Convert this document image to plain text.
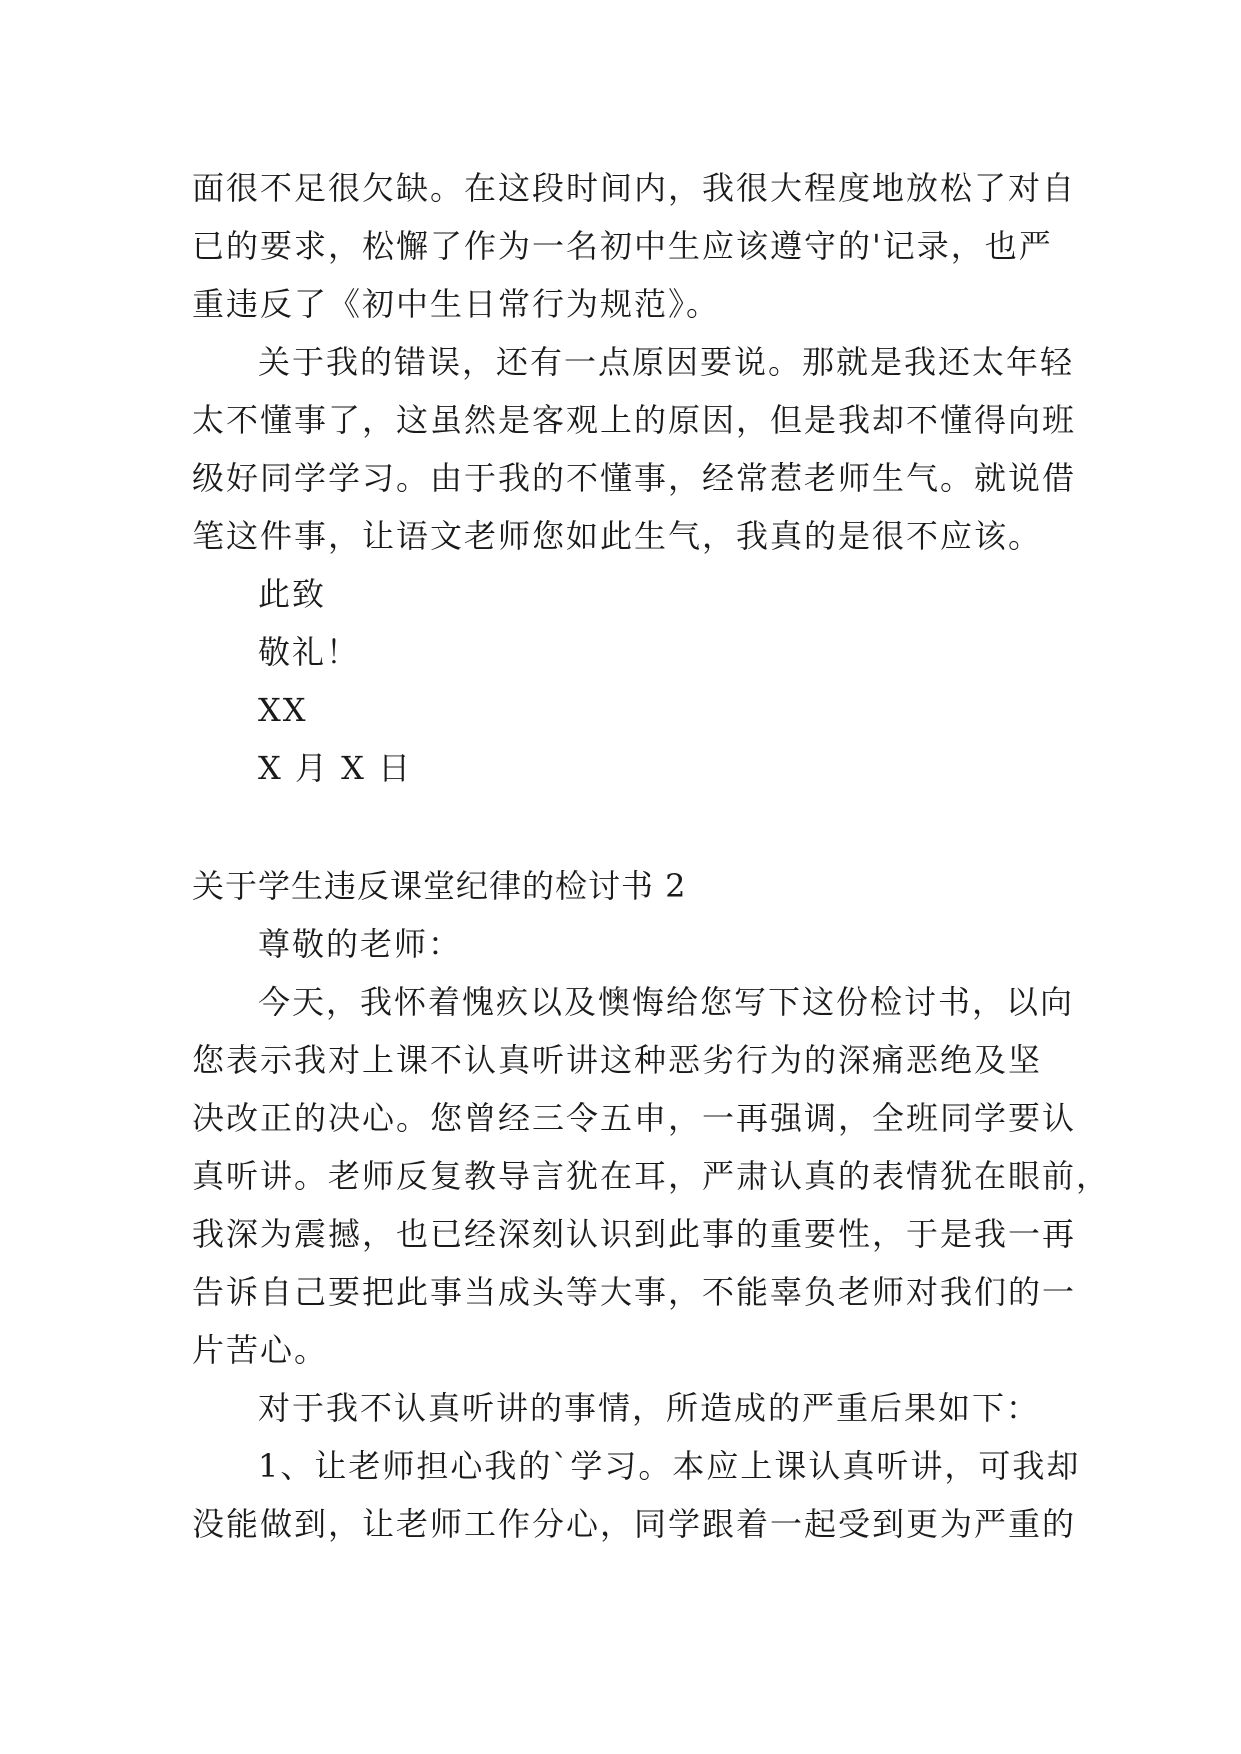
面很不足很欠缺。在这段时间内，我很大程度地放松了对自
已的要求，松懈了作为一名初中生应该遵守的'记录，也严
重违反了《初中生日常行为规范》。
关于我的错误，还有一点原因要说。那就是我还太年轻
太不懂事了，这虽然是客观上的原因，但是我却不懂得向班
级好同学学习。由于我的不懂事，经常惹老师生气。就说借
笔这件事，让语文老师您如此生气，我真的是很不应该。
此致
敬礼！
XX
X 月 X 日
关于学生违反课堂纪律的检讨书 2
尊敬的老师：
今天，我怀着愧疚以及懊悔给您写下这份检讨书，以向
您表示我对上课不认真听讲这种恶劣行为的深痛恶绝及坚
决改正的决心。您曾经三令五申，一再强调，全班同学要认
真听讲。老师反复教导言犹在耳，严肃认真的表情犹在眼前，
我深为震撼，也已经深刻认识到此事的重要性，于是我一再
告诉自己要把此事当成头等大事，不能辜负老师对我们的一
片苦心。
对于我不认真听讲的事情，所造成的严重后果如下：
1、让老师担心我的`学习。本应上课认真听讲，可我却
没能做到，让老师工作分心，同学跟着一起受到更为严重的
